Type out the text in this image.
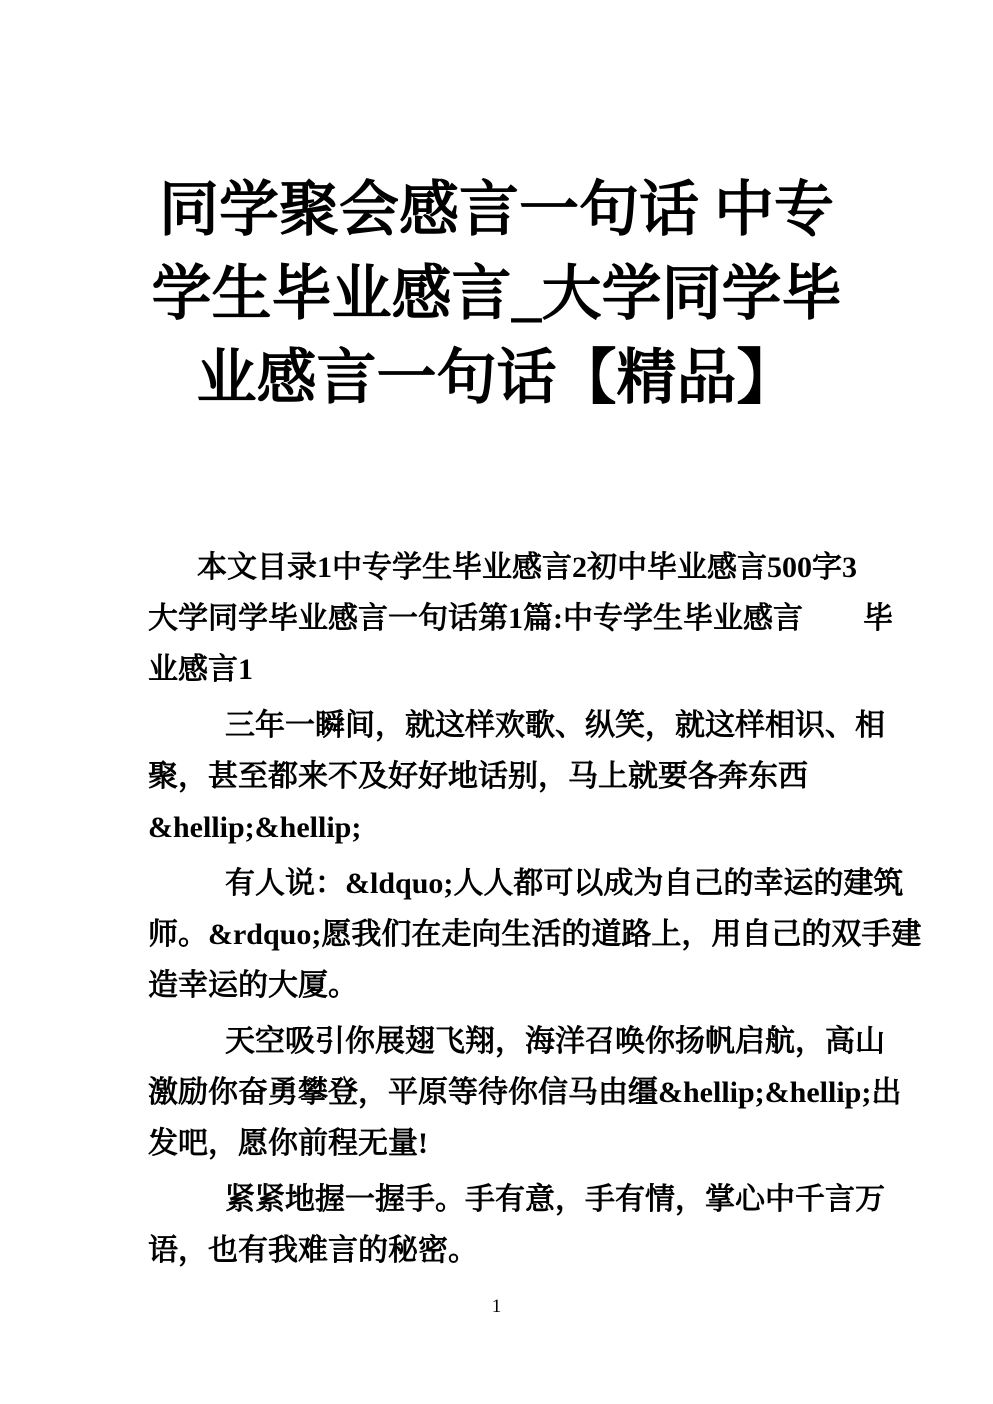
同学聚会感言一句话 中专
学生毕业感言_大学同学毕
业感言一句话【精品】
本文目录1中专学生毕业感言2初中毕业感言500字3
大学同学毕业感言一句话第1篇:中专学生毕业感言　　毕
业感言1
三年一瞬间，就这样欢歌、纵笑，就这样相识、相
聚，甚至都来不及好好地话别，马上就要各奔东西
&hellip;&hellip;
有人说：&ldquo;人人都可以成为自己的幸运的建筑
师。&rdquo;愿我们在走向生活的道路上，用自己的双手建
造幸运的大厦。
天空吸引你展翅飞翔，海洋召唤你扬帆启航，高山
激励你奋勇攀登，平原等待你信马由缰&hellip;&hellip;出
发吧，愿你前程无量!
紧紧地握一握手。手有意，手有情，掌心中千言万
语，也有我难言的秘密。
1
